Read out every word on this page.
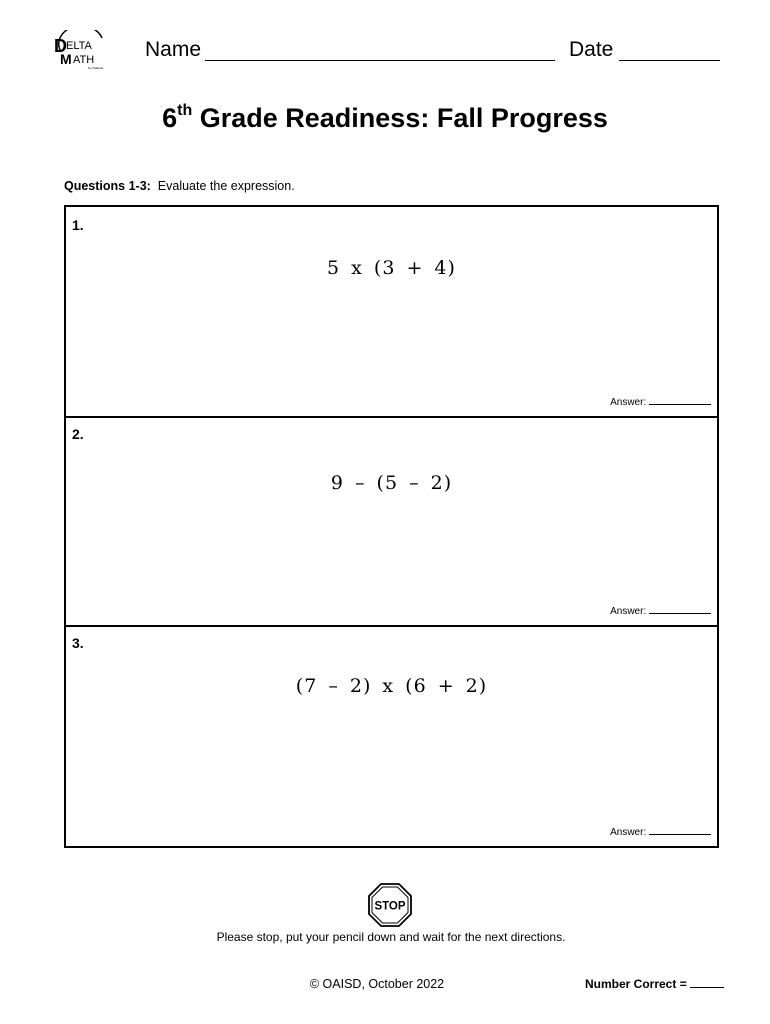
D ELTA
M ATH
by Oakland
Name	Date
6th Grade Readiness: Fall Progress
Questions 1-3: Evaluate the expression.
1.
5 x (3 + 4)
Answer:
2.
9 – (5 – 2)
Answer:
3.
(7 – 2) x (6 + 2)
Answer:
STOP
Please stop, put your pencil down and wait for the next directions.
© OAISD, October 2022	Number Correct =
